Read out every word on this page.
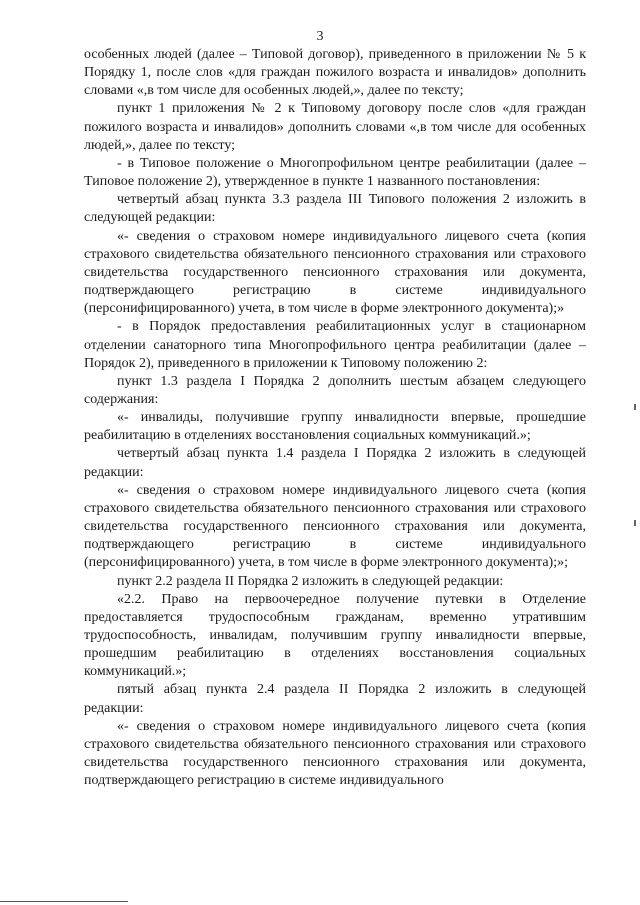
3

особенных людей (далее – Типовой договор), приведенного в приложении № 5 к Порядку 1, после слов «для граждан пожилого возраста и инвалидов» дополнить словами «,в том числе для особенных людей,», далее по тексту;

пункт 1 приложения № 2 к Типовому договору после слов «для граждан пожилого возраста и инвалидов» дополнить словами «,в том числе для особенных людей,», далее по тексту;

- в Типовое положение о Многопрофильном центре реабилитации (далее – Типовое положение 2), утвержденное в пункте 1 названного постановления:

четвертый абзац пункта 3.3 раздела III Типового положения 2 изложить в следующей редакции:

«- сведения о страховом номере индивидуального лицевого счета (копия страхового свидетельства обязательного пенсионного страхования или страхового свидетельства государственного пенсионного страхования или документа, подтверждающего регистрацию в системе индивидуального (персонифицированного) учета, в том числе в форме электронного документа);»

- в Порядок предоставления реабилитационных услуг в стационарном отделении санаторного типа Многопрофильного центра реабилитации (далее – Порядок 2), приведенного в приложении к Типовому положению 2:

пункт 1.3 раздела I Порядка 2 дополнить шестым абзацем следующего содержания:

«- инвалиды, получившие группу инвалидности впервые, прошедшие реабилитацию в отделениях восстановления социальных коммуникаций.»;

четвертый абзац пункта 1.4 раздела I Порядка 2 изложить в следующей редакции:

«- сведения о страховом номере индивидуального лицевого счета (копия страхового свидетельства обязательного пенсионного страхования или страхового свидетельства государственного пенсионного страхования или документа, подтверждающего регистрацию в системе индивидуального (персонифицированного) учета, в том числе в форме электронного документа);»;

пункт 2.2 раздела II Порядка 2 изложить в следующей редакции:

«2.2. Право на первоочередное получение путевки в Отделение предоставляется трудоспособным гражданам, временно утратившим трудоспособность, инвалидам, получившим группу инвалидности впервые, прошедшим реабилитацию в отделениях восстановления социальных коммуникаций.»;

пятый абзац пункта 2.4 раздела II Порядка 2 изложить в следующей редакции:

«- сведения о страховом номере индивидуального лицевого счета (копия страхового свидетельства обязательного пенсионного страхования или страхового свидетельства государственного пенсионного страхования или документа, подтверждающего регистрацию в системе индивидуального
